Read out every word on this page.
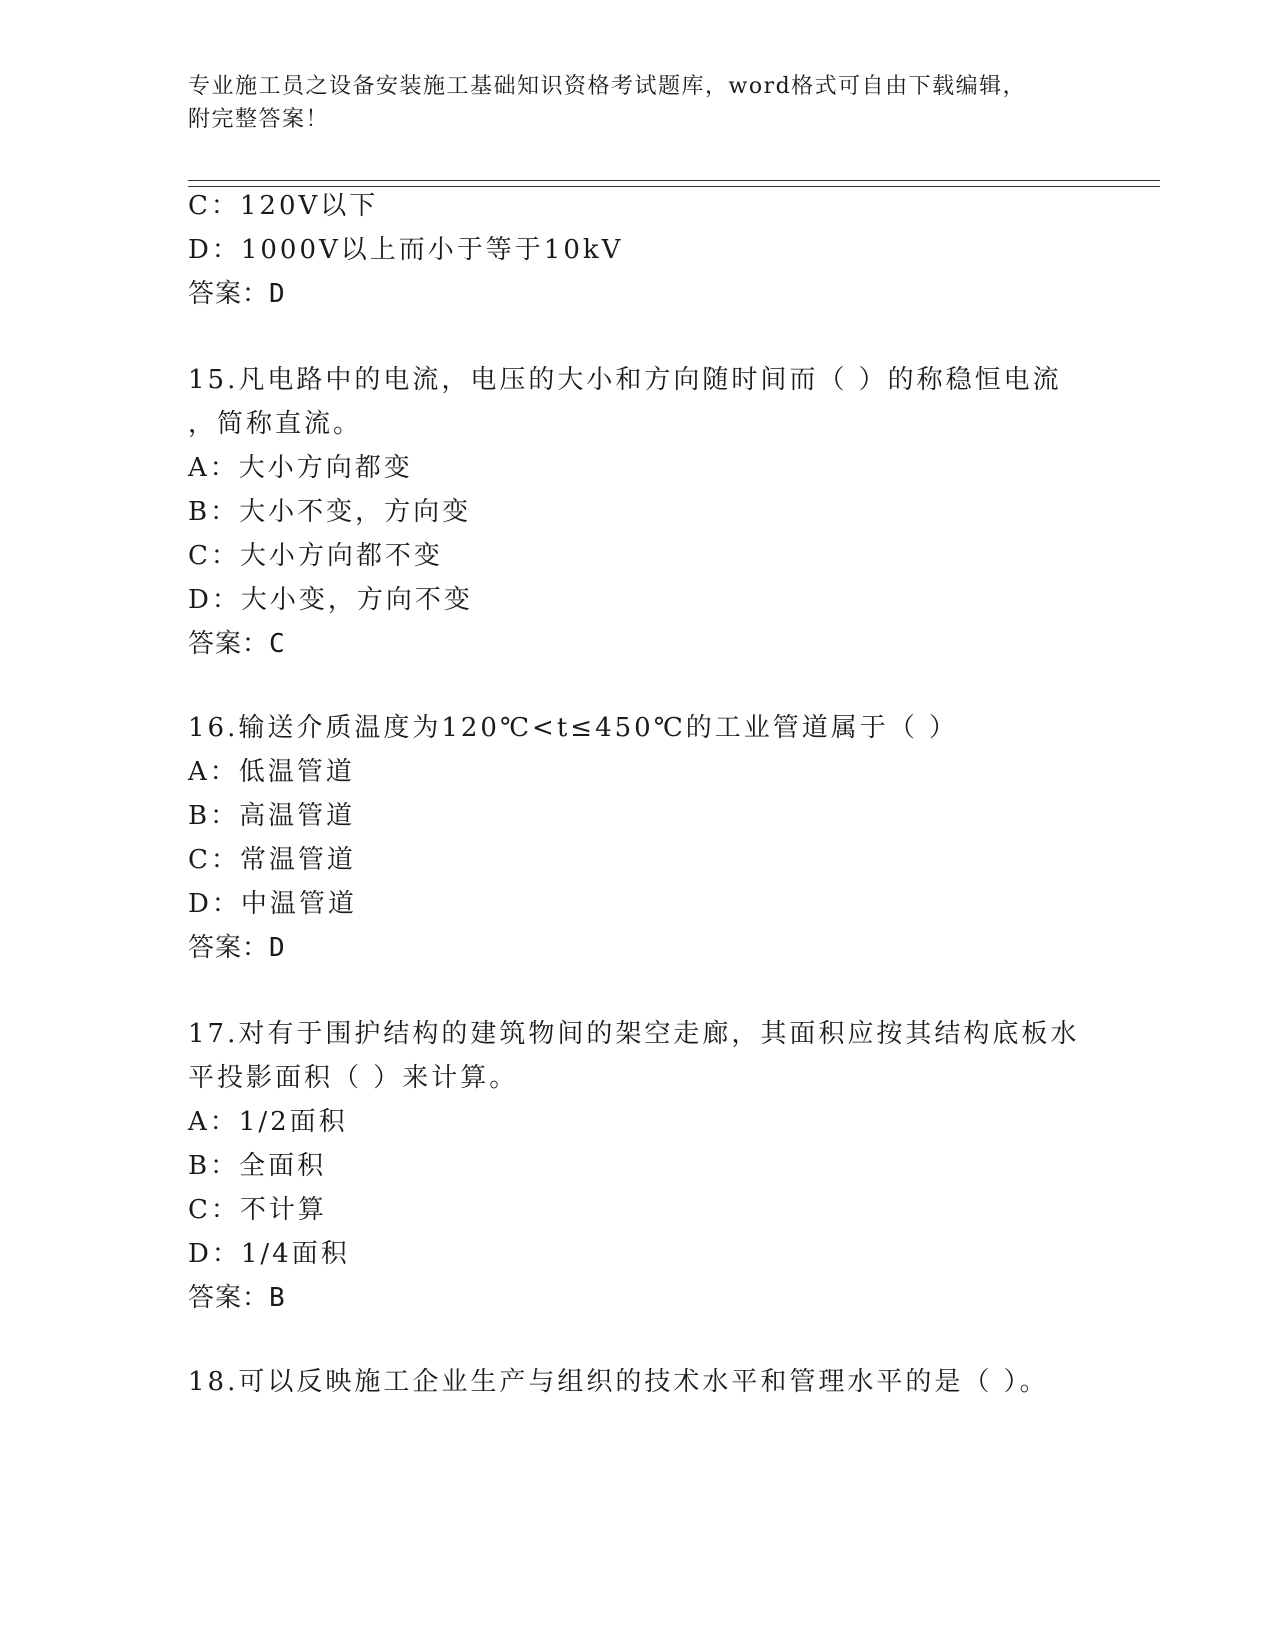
专业施工员之设备安装施工基础知识资格考试题库，word格式可自由下载编辑，
附完整答案！
C：120V以下
D：1000V以上而小于等于10kV
答案：D
15.凡电路中的电流，电压的大小和方向随时间而（ ）的称稳恒电流
，简称直流。
A：大小方向都变
B：大小不变，方向变
C：大小方向都不变
D：大小变，方向不变
答案：C
16.输送介质温度为120℃<t≤450℃的工业管道属于（ ）
A：低温管道
B：高温管道
C：常温管道
D：中温管道
答案：D
17.对有于围护结构的建筑物间的架空走廊，其面积应按其结构底板水
平投影面积（ ）来计算。
A：1/2面积
B：全面积
C：不计算
D：1/4面积
答案：B
18.可以反映施工企业生产与组织的技术水平和管理水平的是（ ）。
